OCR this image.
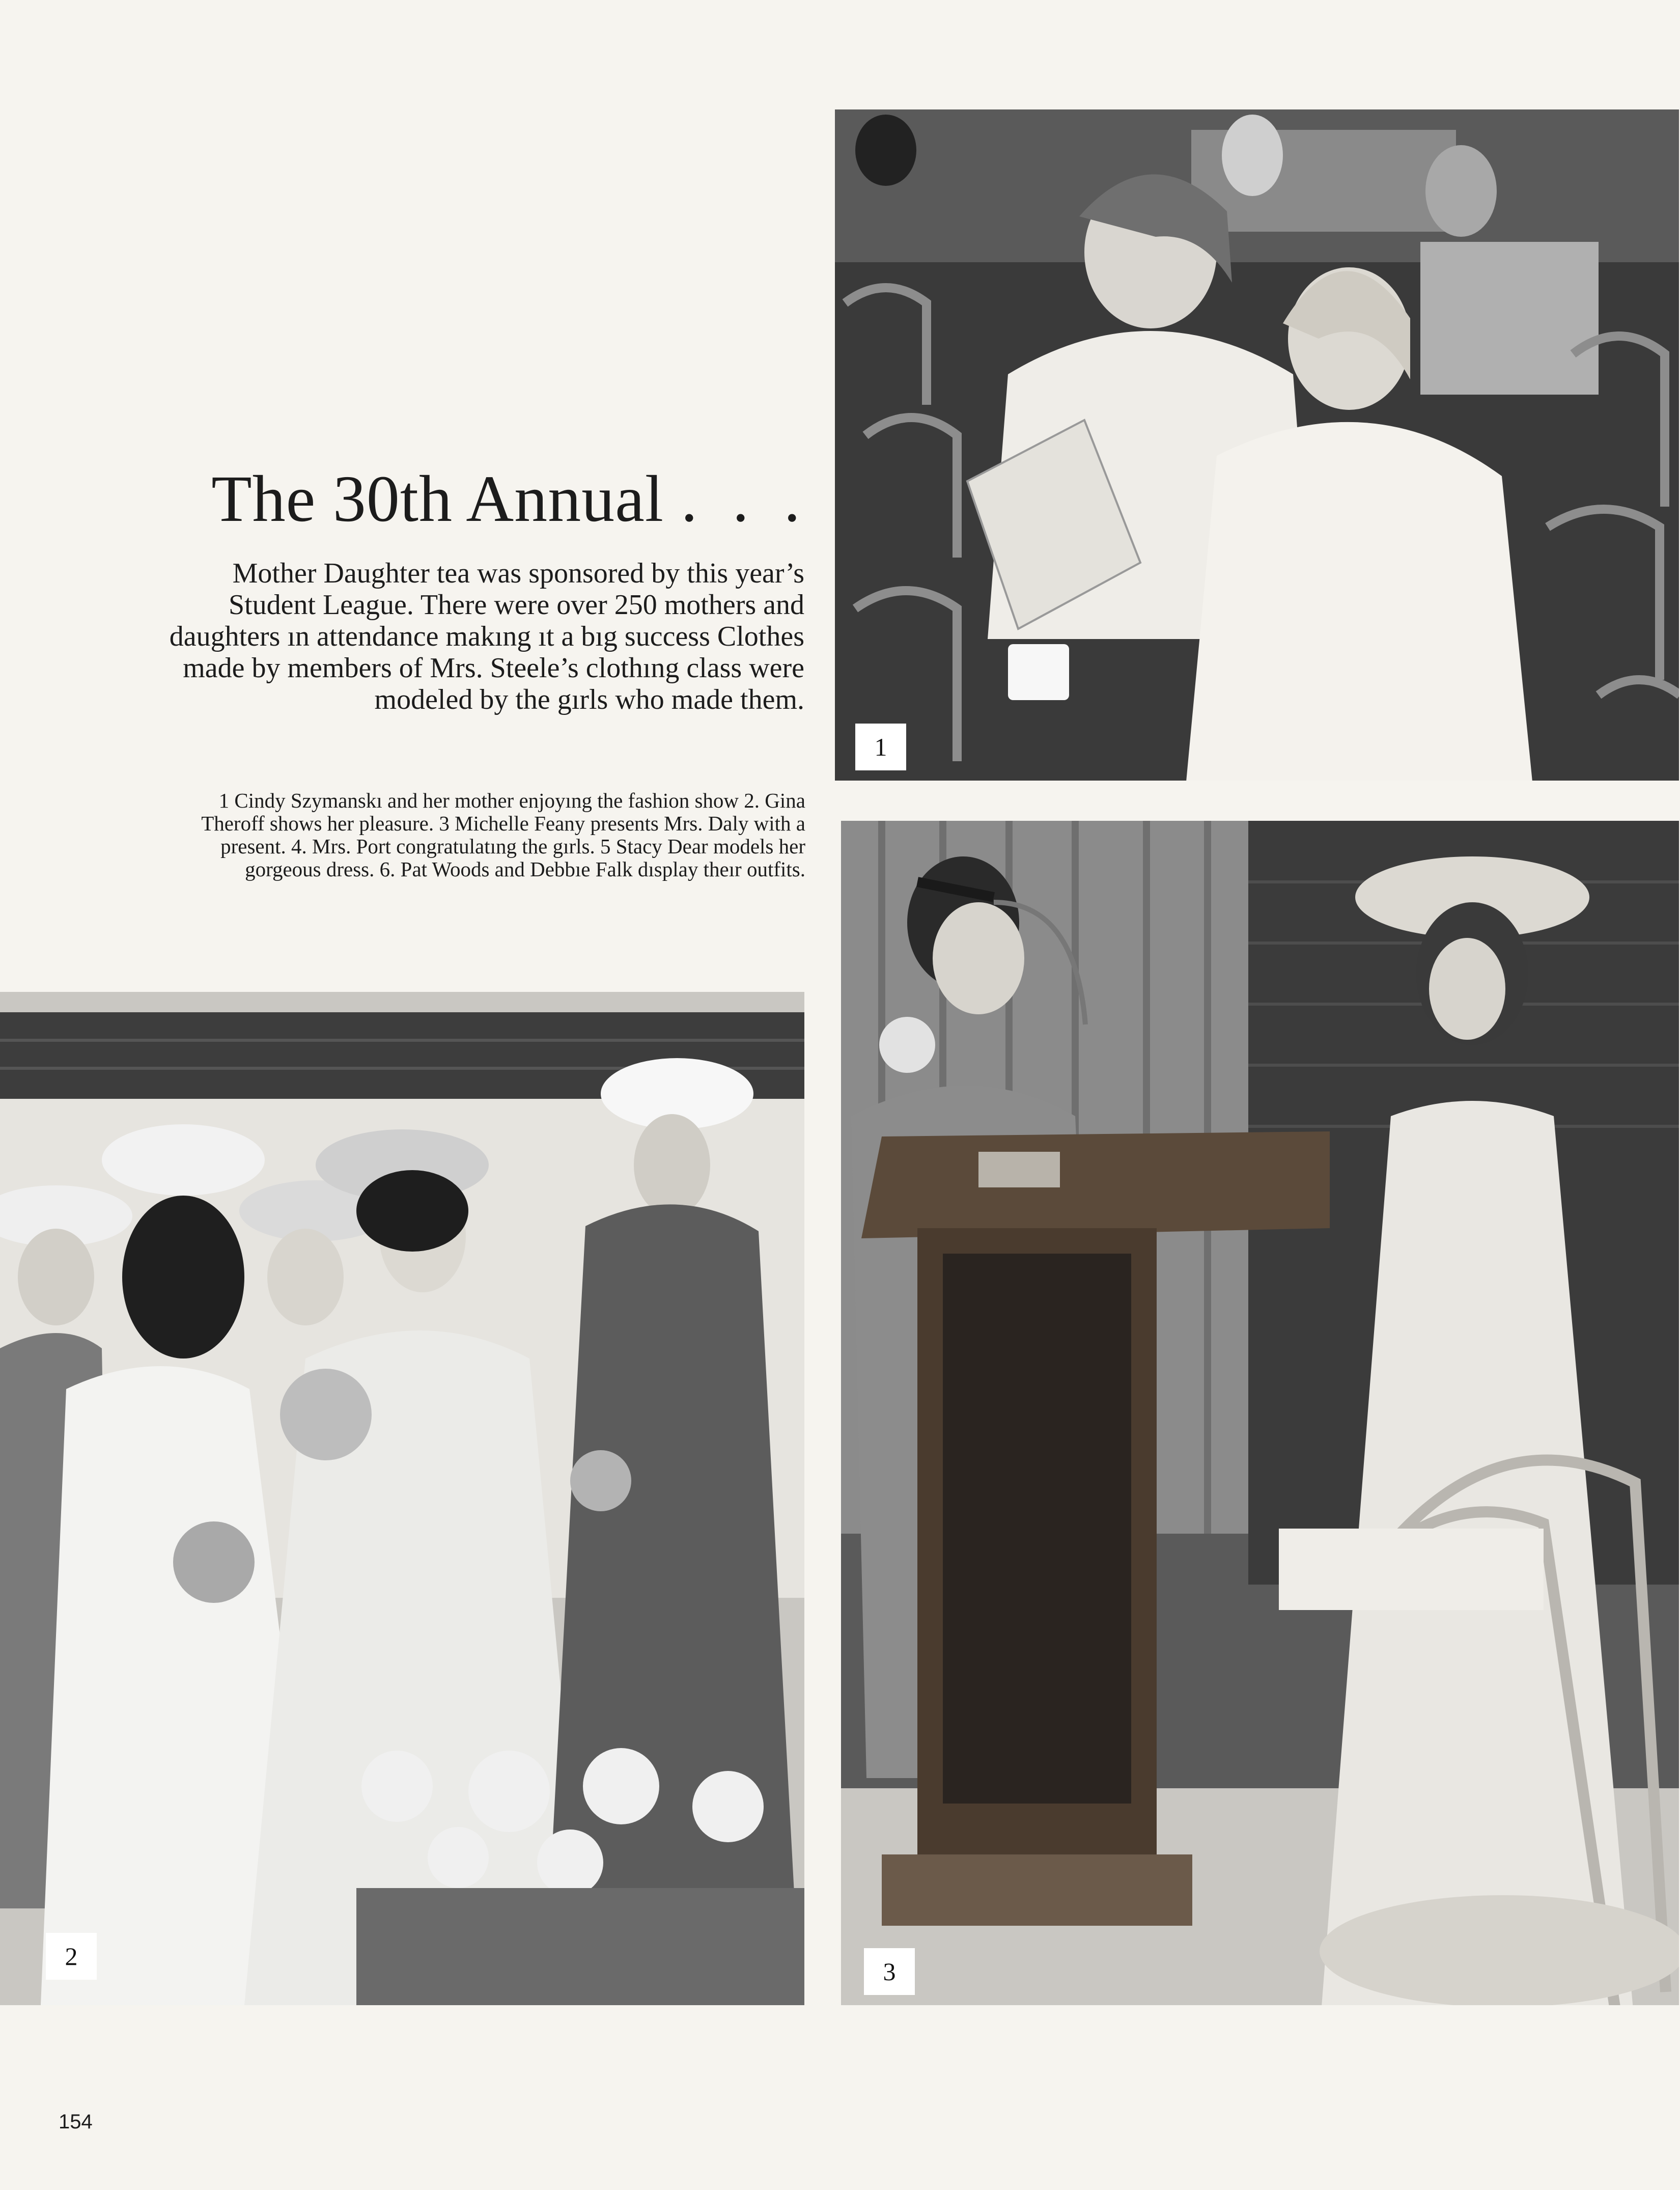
1
The 30th Annual . . .

Mother Daughter tea was sponsored by this year’s Student League. There were over 250 mothers and daughters ın attendance makıng ıt a bıg success Clothes made by members of Mrs. Steele’s clothıng class were modeled by the gırls who made them.

1 Cindy Szymanskı and her mother enjoyıng the fashion show 2. Gina Theroff shows her pleasure. 3 Michelle Feany presents Mrs. Daly with a present. 4. Mrs. Port congratulatıng the gırls. 5 Stacy Dear models her gorgeous dress. 6. Pat Woods and Debbıe Falk dısplay theır outfits.

2
3
154
